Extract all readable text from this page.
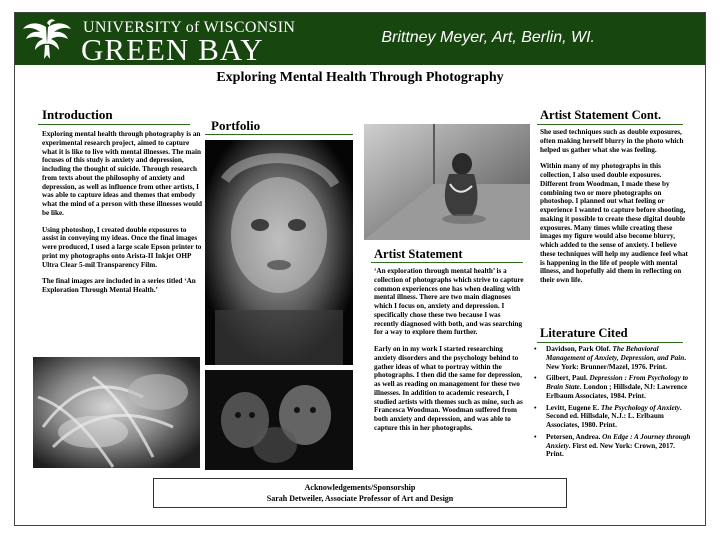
UNIVERSITY of WISCONSIN
GREEN BAY	Brittney Meyer, Art, Berlin, WI.
Exploring Mental Health Through Photography
Introduction

Exploring mental health through photography is an experimental research project, aimed to capture what it is like to live with mental illnesses. The main focuses of this study is anxiety and depression, including the thought of suicide. Through research from texts about the philosophy of anxiety and depression, as well as influence from other artists, I was able to capture ideas and themes that embody what the mind of a person with these illnesses would be like.

Using photoshop, I created double exposures to assist in conveying my ideas. Once the final images were produced, I used a large scale Epson printer to print my photographs onto Arista-II Inkjet OHP Ultra Clear 5-mil Transparency Film.

The final images are included in a series titled ‘An Exploration Through Mental Health.’

Portfolio
Artist Statement

‘An exploration through mental health’ is a collection of photographs which strive to capture common experiences one has when dealing with mental illness. There are two main diagnoses which I focus on, anxiety and depression. I specifically chose these two because I was recently diagnosed with both, and was searching for a way to explore them further.

Early on in my work I started researching anxiety disorders and the psychology behind to gather ideas of what to portray within the photographs. I then did the same for depression, as well as reading on management for these two illnesses. In addition to academic research, I studied artists with themes such as mine, such as Francesca Woodman. Woodman suffered from both anxiety and depression, and was able to capture this in her photographs.

Artist Statement Cont.

She used techniques such as double exposures, often making herself blurry in the photo which helped us gather what she was feeling.

Within many of my photographs in this collection, I also used double exposures. Different from Woodman, I made these by combining two or more photographs on photoshop. I planned out what feeling or experience I wanted to capture before shooting, making it possible to create these digital double exposures. Many times while creating these images my figure would also become blurry, which added to the sense of anxiety. I believe these techniques will help my audience feel what is happening in the life of people with mental illness, and hopefully aid them in reflecting on their own life.

Literature Cited
• Davidson, Park Olof. The Behavioral Management of Anxiety, Depression, and Pain. New York: Brunner/Mazel, 1976. Print.
• Gilbert, Paul. Depression : From Psychology to Brain State. London ; Hillsdale, NJ: Lawrence Erlbaum Associates, 1984. Print.
• Levitt, Eugene E. The Psychology of Anxiety. Second ed. Hillsdale, N.J.: L. Erlbaum Associates, 1980. Print.
• Petersen, Andrea. On Edge : A Journey through Anxiety. First ed. New York: Crown, 2017. Print.
Acknowledgements/Sponsorship
Sarah Detweiler, Associate Professor of Art and Design
